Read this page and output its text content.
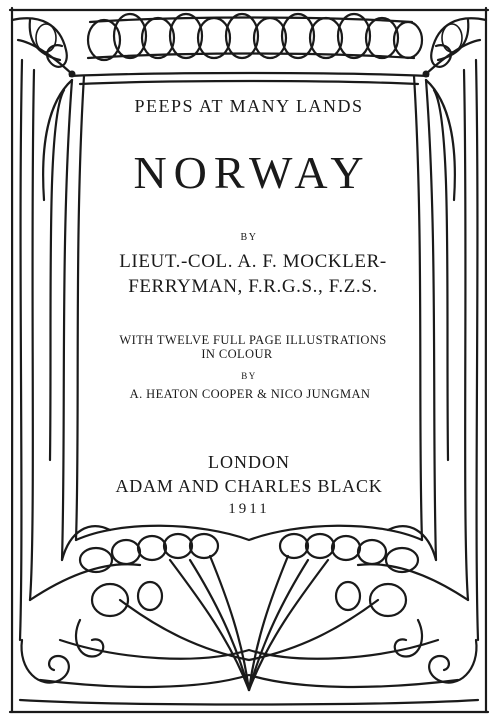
PEEPS AT MANY LANDS
NORWAY
BY
LIEUT.-COL. A. F. MOCKLER-
FERRYMAN, F.R.G.S., F.Z.S.
WITH TWELVE FULL PAGE ILLUSTRATIONS
IN COLOUR
BY
A. HEATON COOPER & NICO JUNGMAN
LONDON
ADAM AND CHARLES BLACK
1911
